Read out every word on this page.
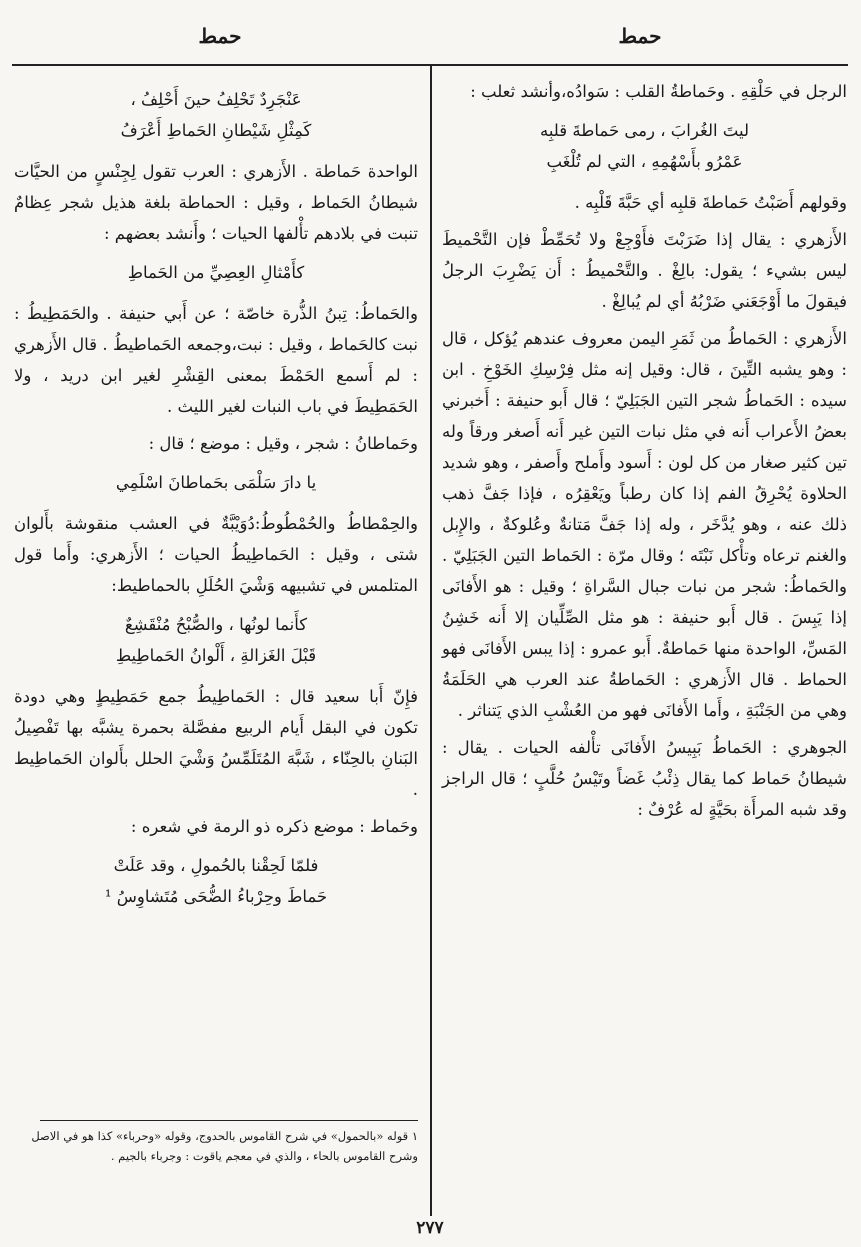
حمط
حمط

الرجل في حَلْقِهِ . وحَماطةُ القلب : سَوادُه،وأنشد ثعلب :

ليتَ الغُرابَ ، رمى حَماطةَ قلبِه
عَمْرُو بأَسْهُمِهِ ، التي لم تُلْغَبِ

وقولهم أَصَبْتُ حَماطةَ قلبِه أي حَبَّةَ قَلْبِه .

الأَزهري : يقال إذا ضَرَبْتَ فأَوْجِعْ ولا تُحَمِّطْ فإن التَّحْميطَ ليس بشيء ؛ يقول: بالِغْ . والتَّحْميطُ : أَن يَضْرِبَ الرجلُ فيقولَ ما أَوْجَعَني ضَرْبُهُ أي لم يُبالِغْ .

الأَزهري : الحَماطُ من ثَمَرِ اليمن معروف عندهم يُؤكل ، قال : وهو يشبه التِّينَ ، قال: وقيل إنه مثل فِرْسِكِ الخَوْخِ . ابن سيده : الحَماطُ شجر التين الجَبَلِيّ ؛ قال أَبو حنيفة : أَخبرني بعضُ الأَعراب أَنه في مثل نبات التين غير أَنه أَصغر ورقاً وله تين كثير صغار من كل لون : أَسود وأَملح وأَصفر ، وهو شديد الحلاوة يُحْرِقُ الفم إذا كان رطباً ويَعْقِرُه ، فإذا جَفَّ ذهب ذلك عنه ، وهو يُدَّخَر ، وله إذا جَفَّ مَتانةٌ وعُلوكةٌ ، والإِبل والغنم ترعاه وتأْكل نَبْتَه ؛ وقال مرّة : الحَماط التين الجَبَلِيّ . والحَماطُ: شجر من نبات جبال السَّراةِ ؛ وقيل : هو الأَفانَى إذا يَبِسَ . قال أَبو حنيفة : هو مثل الصِّلِّيان إلا أَنه خَشِنُ المَسِّ، الواحدة منها حَماطةٌ. أَبو عمرو : إذا يبس الأَفانَى فهو الحماط . قال الأَزهري : الحَماطةُ عند العرب هي الحَلَمَةُ وهي من الجَنْبَةِ ، وأَما الأَفانَى فهو من العُشْبِ الذي يَتناثر .

الجوهري : الحَماطُ بَبِيسُ الأَفانَى تأْلفه الحيات . يقال : شيطانُ حَماط كما يقال ذِئْبُ غَضاً وتَيْسُ حُلَّبٍ ؛ قال الراجز وقد شبه المرأَة بحَيَّةٍ له عُرْفٌ :

عَنْجَرِدٌ تَحْلِفُ حينَ أَحْلِفُ ،
كَمِثْلِ شَيْطانِ الحَماطِ أَعْرَفُ

الواحدة حَماطة . الأَزهري : العرب تقول لِجِنْسٍ من الحيَّات شيطانُ الحَماط ، وقيل : الحماطة بلغة هذيل شجر عِظامٌ تنبت في بلادهم تأْلفها الحيات ؛ وأَنشد بعضهم :

كأَمْثالِ العِصِيِّ من الحَماطِ

والحَماطُ: تِبنُ الذُّرة خاصّة ؛ عن أَبي حنيفة . والحَمَطِيطُ : نبت كالحَماط ، وقيل : نبت،وجمعه الحَماطيطُ . قال الأَزهري : لم أَسمع الحَمْطَ بمعنى القِشْرِ لغير ابن دريد ، ولا الحَمَطِيطَ في باب النبات لغير الليث .

وحَماطانُ : شجر ، وقيل : موضع ؛ قال :

يا دارَ سَلْمَى بحَماطانَ اسْلَمِي

والحِمْطاطُ والحُمْطُوطُ:دُوَيْبَّةٌ في العشب منقوشة بأَلوان شتى ، وقيل : الحَماطِيطُ الحيات ؛ الأَزهري: وأَما قول المتلمس في تشبيهه وَشْيَ الحُلَلِ بالحماطيط:

كأَنما لونُها ، والصُّبْحُ مُنْقَشِعٌ
قَبْلَ الغَزالةِ ، أَلْوانُ الحَماطِيطِ

فإِنّ أَبا سعيد قال : الحَماطِيطُ جمع حَمَطِيطٍ وهي دودة تكون في البقل أَيام الربيع مفصَّلة بحمرة يشبَّه بها تَفْصِيلُ البَنانِ بالحِنّاء ، شَبَّهَ المُتَلَمِّسُ وَشْيَ الحلل بأَلوان الحَماطِيط .

وحَماط : موضع ذكره ذو الرمة في شعره :

فلمّا لَحِقْنا بالحُمولِ ، وقد عَلَتْ
حَماطَ وحِرْباءُ الضُّحَى مُتَشاوِسُ ¹
١ قوله «بالحمول» في شرح القاموس بالحدوج، وقوله «وحرباء» كذا هو في الاصل وشرح القاموس بالحاء ، والذي في معجم ياقوت : وجرباء بالجيم .
٢٧٧
